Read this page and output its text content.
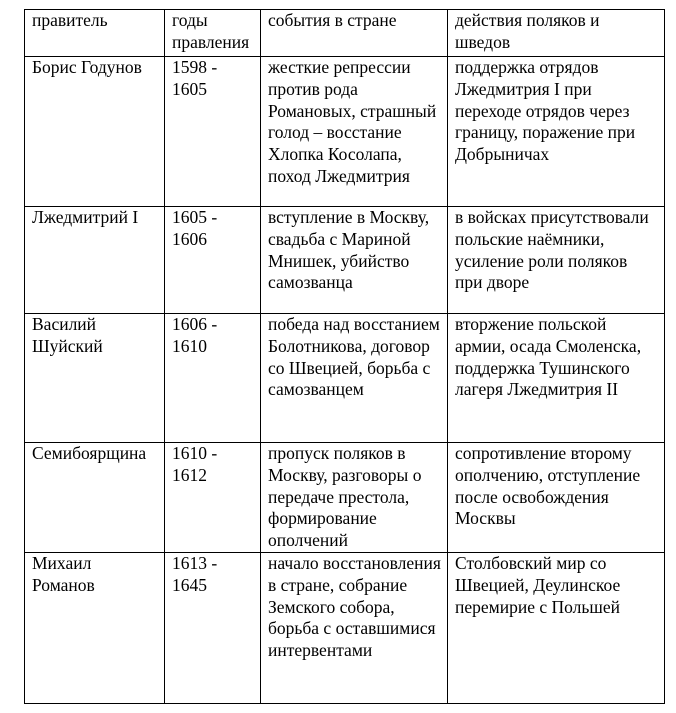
правитель	годы правления	события в стране	действия поляков и шведов
Борис Годунов	1598 - 1605	жесткие репрессии против рода Романовых, страшный голод – восстание Хлопка Косолапа, поход Лжедмитрия	поддержка отрядов Лжедмитрия I при переходе отрядов через границу, поражение при Добрыничах
Лжедмитрий I	1605 - 1606	вступление в Москву, свадьба с Мариной Мнишек, убийство самозванца	в войсках присутствовали польские наёмники, усиление роли поляков при дворе
Василий Шуйский	1606 - 1610	победа над восстанием Болотникова, договор со Швецией, борьба с самозванцем	вторжение польской армии, осада Смоленска, поддержка Тушинского лагеря Лжедмитрия II
Семибоярщина	1610 - 1612	пропуск поляков в Москву, разговоры о передаче престола, формирование ополчений	сопротивление второму ополчению, отступление после освобождения Москвы
Михаил Романов	1613 - 1645	начало восстановления в стране, собрание Земского собора, борьба с оставшимися интервентами	Столбовский мир со Швецией, Деулинское перемирие с Польшей
